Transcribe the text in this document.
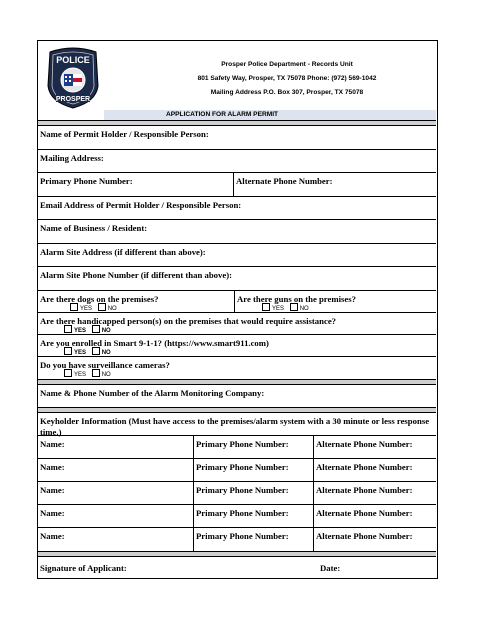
POLICE
PROSPER
Prosper Police Department - Records Unit
801 Safety Way, Prosper, TX 75078 Phone: (972) 569-1042
Mailing Address P.O. Box 307, Prosper, TX 75078
APPLICATION FOR ALARM PERMIT
Name of Permit Holder / Responsible Person:
Mailing Address:
Primary Phone Number:	Alternate Phone Number:
Email Address of Permit Holder / Responsible Person:
Name of Business / Resident:
Alarm Site Address (if different than above):
Alarm Site Phone Number (if different than above):
Are there dogs on the premises?
YES	NO
Are there guns on the premises?
YES	NO
Are there handicapped person(s) on the premises that would require assistance?
YES	NO
Are you enrolled in Smart 9-1-1? (https://www.smart911.com)
YES	NO
Do you have surveillance cameras?
YES	NO
Name & Phone Number of the Alarm Monitoring Company:
Keyholder Information (Must have access to the premises/alarm system with a 30 minute or less response time.)
Name:	Primary Phone Number:	Alternate Phone Number:
Name:	Primary Phone Number:	Alternate Phone Number:
Name:	Primary Phone Number:	Alternate Phone Number:
Name:	Primary Phone Number:	Alternate Phone Number:
Name:	Primary Phone Number:	Alternate Phone Number:
Signature of Applicant:	Date:
